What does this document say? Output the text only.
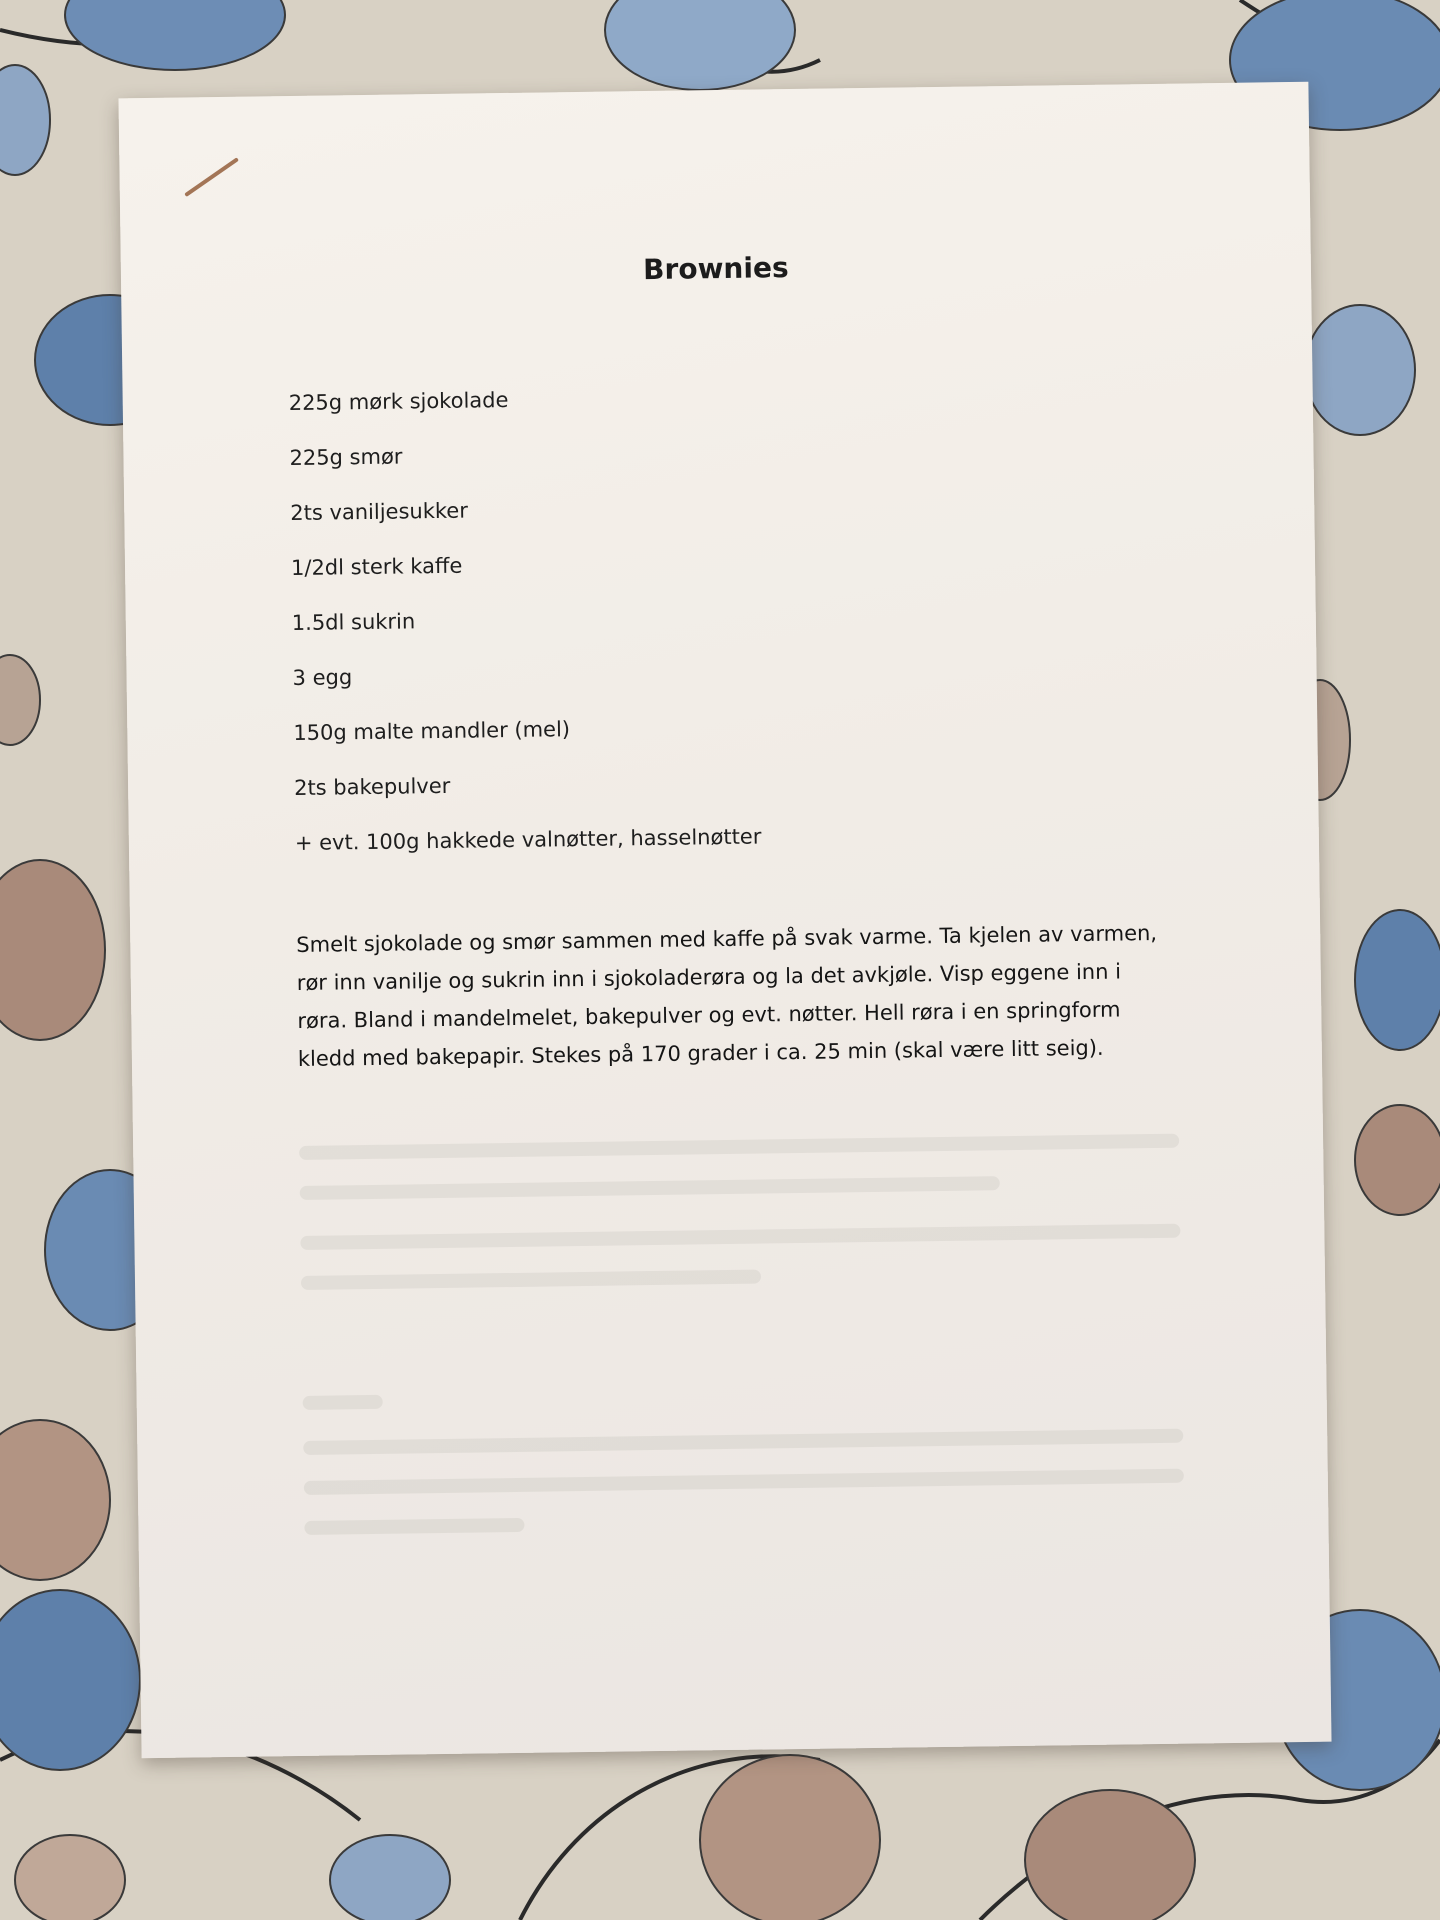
Brownies
225g mørk sjokolade
225g smør
2ts vaniljesukker
1/2dl sterk kaffe
1.5dl sukrin
3 egg
150g malte mandler (mel)
2ts bakepulver
+ evt. 100g hakkede valnøtter, hasselnøtter

Smelt sjokolade og smør sammen med kaffe på svak varme. Ta kjelen av varmen, rør inn vanilje og sukrin inn i sjokoladerøra og la det avkjøle. Visp eggene inn i røra. Bland i mandelmelet, bakepulver og evt. nøtter. Hell røra i en springform kledd med bakepapir. Stekes på 170 grader i ca. 25 min (skal være litt seig).
